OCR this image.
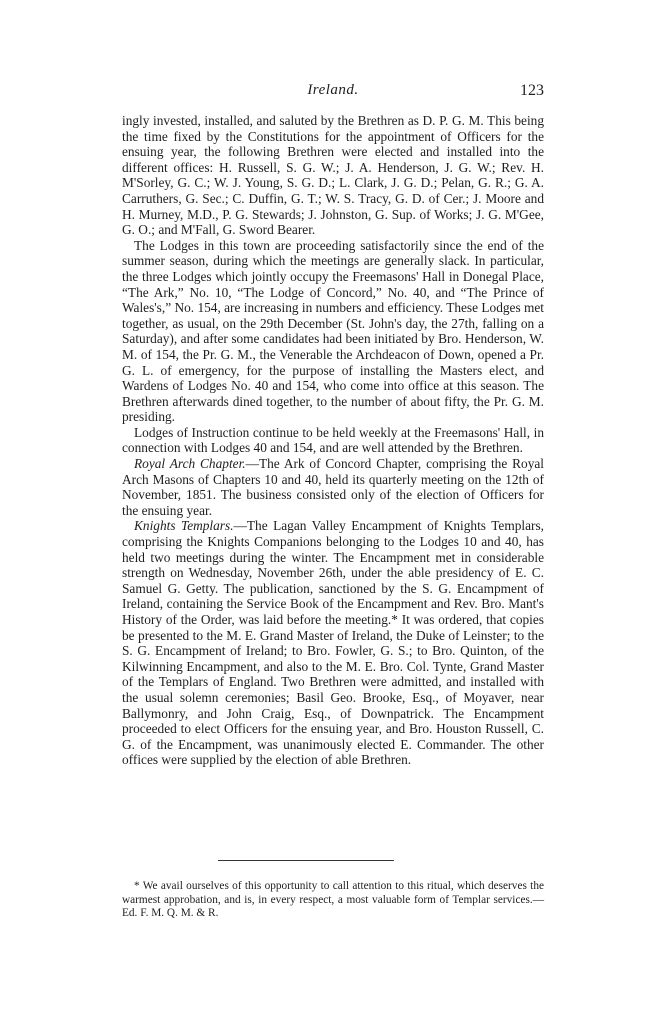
Ireland.	123

ingly invested, installed, and saluted by the Brethren as D. P. G. M. This being the time fixed by the Constitutions for the appointment of Officers for the ensuing year, the following Brethren were elected and installed into the different offices: H. Russell, S. G. W.; J. A. Henderson, J. G. W.; Rev. H. M'Sorley, G. C.; W. J. Young, S. G. D.; L. Clark, J. G. D.; Pelan, G. R.; G. A. Carruthers, G. Sec.; C. Duffin, G. T.; W. S. Tracy, G. D. of Cer.; J. Moore and H. Murney, M.D., P. G. Stewards; J. Johnston, G. Sup. of Works; J. G. M'Gee, G. O.; and M'Fall, G. Sword Bearer.

The Lodges in this town are proceeding satisfactorily since the end of the summer season, during which the meetings are generally slack. In particular, the three Lodges which jointly occupy the Freemasons' Hall in Donegal Place, “The Ark,” No. 10, “The Lodge of Concord,” No. 40, and “The Prince of Wales's,” No. 154, are increasing in numbers and efficiency. These Lodges met together, as usual, on the 29th December (St. John's day, the 27th, falling on a Saturday), and after some candidates had been initiated by Bro. Henderson, W. M. of 154, the Pr. G. M., the Venerable the Archdeacon of Down, opened a Pr. G. L. of emergency, for the purpose of installing the Masters elect, and Wardens of Lodges No. 40 and 154, who come into office at this season. The Brethren afterwards dined together, to the number of about fifty, the Pr. G. M. presiding.

Lodges of Instruction continue to be held weekly at the Freemasons' Hall, in connection with Lodges 40 and 154, and are well attended by the Brethren.

Royal Arch Chapter.—The Ark of Concord Chapter, comprising the Royal Arch Masons of Chapters 10 and 40, held its quarterly meeting on the 12th of November, 1851. The business consisted only of the election of Officers for the ensuing year.

Knights Templars.—The Lagan Valley Encampment of Knights Templars, comprising the Knights Companions belonging to the Lodges 10 and 40, has held two meetings during the winter. The Encampment met in considerable strength on Wednesday, November 26th, under the able presidency of E. C. Samuel G. Getty. The publication, sanctioned by the S. G. Encampment of Ireland, containing the Service Book of the Encampment and Rev. Bro. Mant's History of the Order, was laid before the meeting.* It was ordered, that copies be presented to the M. E. Grand Master of Ireland, the Duke of Leinster; to the S. G. Encampment of Ireland; to Bro. Fowler, G. S.; to Bro. Quinton, of the Kilwinning Encampment, and also to the M. E. Bro. Col. Tynte, Grand Master of the Templars of England. Two Brethren were admitted, and installed with the usual solemn ceremonies; Basil Geo. Brooke, Esq., of Moyaver, near Ballymonry, and John Craig, Esq., of Downpatrick. The Encampment proceeded to elect Officers for the ensuing year, and Bro. Houston Russell, C. G. of the Encampment, was unanimously elected E. Commander. The other offices were supplied by the election of able Brethren.

* We avail ourselves of this opportunity to call attention to this ritual, which deserves the warmest approbation, and is, in every respect, a most valuable form of Templar services.—Ed. F. M. Q. M. & R.
